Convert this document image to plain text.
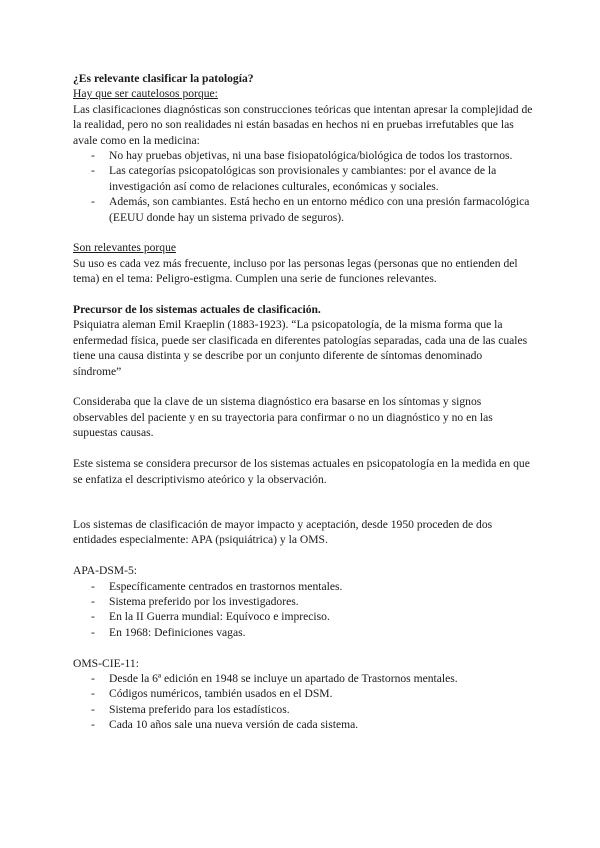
¿Es relevante clasificar la patología?

Hay que ser cautelosos porque:

Las clasificaciones diagnósticas son construcciones teóricas que intentan apresar la complejidad de la realidad, pero no son realidades ni están basadas en hechos ni en pruebas irrefutables que las avale como en la medicina:

- No hay pruebas objetivas, ni una base fisiopatológica/biológica de todos los trastornos.
- Las categorías psicopatológicas son provisionales y cambiantes: por el avance de la investigación así como de relaciones culturales, económicas y sociales.
- Además, son cambiantes. Está hecho en un entorno médico con una presión farmacológica (EEUU donde hay un sistema privado de seguros).

Son relevantes porque

Su uso es cada vez más frecuente, incluso por las personas legas (personas que no entienden del tema) en el tema: Peligro-estigma. Cumplen una serie de funciones relevantes.

Precursor de los sistemas actuales de clasificación.

Psiquiatra aleman Emil Kraeplin (1883-1923). “La psicopatología, de la misma forma que la enfermedad física, puede ser clasificada en diferentes patologías separadas, cada una de las cuales tiene una causa distinta y se describe por un conjunto diferente de síntomas denominado síndrome”

Consideraba que la clave de un sistema diagnóstico era basarse en los síntomas y signos observables del paciente y en su trayectoria para confirmar o no un diagnóstico y no en las supuestas causas.

Este sistema se considera precursor de los sistemas actuales en psicopatología en la medida en que se enfatiza el descriptivismo ateórico y la observación.

Los sistemas de clasificación de mayor impacto y aceptación, desde 1950 proceden de dos entidades especialmente: APA (psiquiátrica) y la OMS.

APA-DSM-5:

- Específicamente centrados en trastornos mentales.
- Sistema preferido por los investigadores.
- En la II Guerra mundial: Equívoco e impreciso.
- En 1968: Definiciones vagas.

OMS-CIE-11:

- Desde la 6ª edición en 1948 se incluye un apartado de Trastornos mentales.
- Códigos numéricos, también usados en el DSM.
- Sistema preferido para los estadísticos.
- Cada 10 años sale una nueva versión de cada sistema.
